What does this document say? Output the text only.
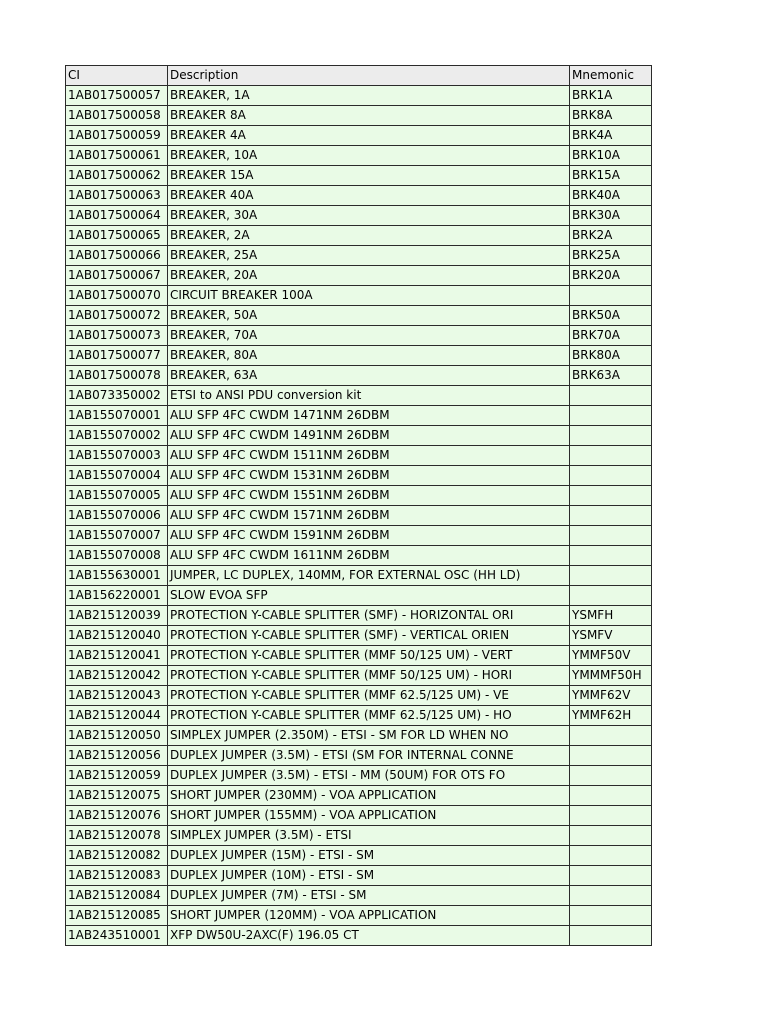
CI	Description	Mnemonic
1AB017500057	BREAKER, 1A	BRK1A
1AB017500058	BREAKER 8A	BRK8A
1AB017500059	BREAKER 4A	BRK4A
1AB017500061	BREAKER, 10A	BRK10A
1AB017500062	BREAKER 15A	BRK15A
1AB017500063	BREAKER 40A	BRK40A
1AB017500064	BREAKER, 30A	BRK30A
1AB017500065	BREAKER, 2A	BRK2A
1AB017500066	BREAKER, 25A	BRK25A
1AB017500067	BREAKER, 20A	BRK20A
1AB017500070	CIRCUIT BREAKER 100A	
1AB017500072	BREAKER, 50A	BRK50A
1AB017500073	BREAKER, 70A	BRK70A
1AB017500077	BREAKER, 80A	BRK80A
1AB017500078	BREAKER, 63A	BRK63A
1AB073350002	ETSI to ANSI PDU conversion kit	
1AB155070001	ALU SFP 4FC CWDM 1471NM 26DBM	
1AB155070002	ALU SFP 4FC CWDM 1491NM 26DBM	
1AB155070003	ALU SFP 4FC CWDM 1511NM 26DBM	
1AB155070004	ALU SFP 4FC CWDM 1531NM 26DBM	
1AB155070005	ALU SFP 4FC CWDM 1551NM 26DBM	
1AB155070006	ALU SFP 4FC CWDM 1571NM 26DBM	
1AB155070007	ALU SFP 4FC CWDM 1591NM 26DBM	
1AB155070008	ALU SFP 4FC CWDM 1611NM 26DBM	
1AB155630001	JUMPER, LC DUPLEX, 140MM, FOR EXTERNAL OSC (HH LD)	
1AB156220001	SLOW EVOA SFP	
1AB215120039	PROTECTION Y-CABLE SPLITTER (SMF) - HORIZONTAL ORI	YSMFH
1AB215120040	PROTECTION Y-CABLE SPLITTER (SMF) - VERTICAL ORIEN	YSMFV
1AB215120041	PROTECTION Y-CABLE SPLITTER (MMF 50/125 UM) - VERT	YMMF50V
1AB215120042	PROTECTION Y-CABLE SPLITTER (MMF 50/125 UM) - HORI	YMMMF50H
1AB215120043	PROTECTION Y-CABLE SPLITTER (MMF 62.5/125 UM) - VE	YMMF62V
1AB215120044	PROTECTION Y-CABLE SPLITTER (MMF 62.5/125 UM) - HO	YMMF62H
1AB215120050	SIMPLEX JUMPER (2.350M) - ETSI - SM FOR LD WHEN NO	
1AB215120056	DUPLEX JUMPER (3.5M) - ETSI (SM FOR INTERNAL CONNE	
1AB215120059	DUPLEX JUMPER (3.5M) - ETSI - MM (50UM) FOR OTS FO	
1AB215120075	SHORT JUMPER (230MM) - VOA APPLICATION	
1AB215120076	SHORT JUMPER (155MM) - VOA APPLICATION	
1AB215120078	SIMPLEX JUMPER (3.5M) - ETSI	
1AB215120082	DUPLEX JUMPER (15M) - ETSI - SM	
1AB215120083	DUPLEX JUMPER (10M) - ETSI - SM	
1AB215120084	DUPLEX JUMPER (7M) - ETSI - SM	
1AB215120085	SHORT JUMPER (120MM) - VOA APPLICATION	
1AB243510001	XFP DW50U-2AXC(F) 196.05 CT	
